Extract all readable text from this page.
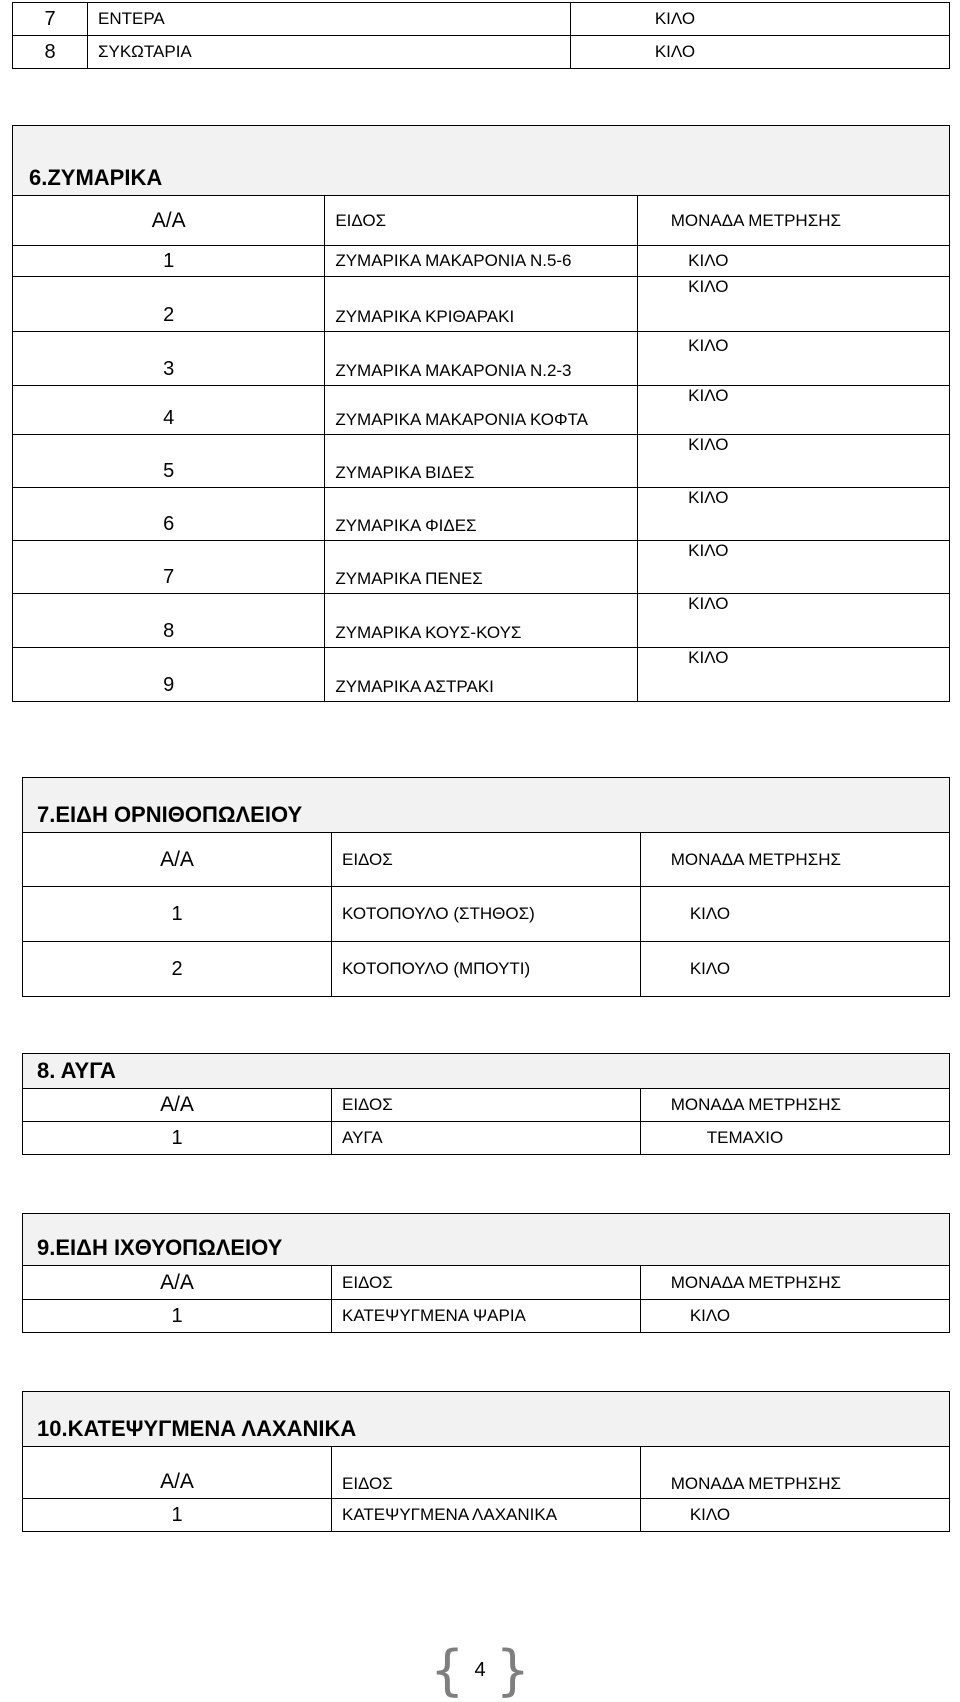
7	ΕΝΤΕΡΑ	ΚΙΛΟ
8	ΣΥΚΩΤΑΡΙΑ	ΚΙΛΟ
6.ΖΥΜΑΡΙΚΑ		
Α/Α	ΕΙΔΟΣ	ΜΟΝΑΔΑ ΜΕΤΡΗΣΗΣ
1	ΖΥΜΑΡΙΚΑ ΜΑΚΑΡΟΝΙΑ Ν.5-6	ΚΙΛΟ
2	ΖΥΜΑΡΙΚΑ ΚΡΙΘΑΡΑΚΙ	ΚΙΛΟ
3	ΖΥΜΑΡΙΚΑ ΜΑΚΑΡΟΝΙΑ Ν.2-3	ΚΙΛΟ
4	ΖΥΜΑΡΙΚΑ ΜΑΚΑΡΟΝΙΑ ΚΟΦΤΑ	ΚΙΛΟ
5	ΖΥΜΑΡΙΚΑ ΒΙΔΕΣ	ΚΙΛΟ
6	ΖΥΜΑΡΙΚΑ ΦΙΔΕΣ	ΚΙΛΟ
7	ΖΥΜΑΡΙΚΑ ΠΕΝΕΣ	ΚΙΛΟ
8	ΖΥΜΑΡΙΚΑ ΚΟΥΣ-ΚΟΥΣ	ΚΙΛΟ
9	ΖΥΜΑΡΙΚΑ ΑΣΤΡΑΚΙ	ΚΙΛΟ
7.ΕΙΔΗ ΟΡΝΙΘΟΠΩΛΕΙΟΥ		
Α/Α	ΕΙΔΟΣ	ΜΟΝΑΔΑ ΜΕΤΡΗΣΗΣ
1	ΚΟΤΟΠΟΥΛΟ (ΣΤΗΘΟΣ)	ΚΙΛΟ
2	ΚΟΤΟΠΟΥΛΟ (ΜΠΟΥΤΙ)	ΚΙΛΟ
8. ΑΥΓΑ		
Α/Α	ΕΙΔΟΣ	ΜΟΝΑΔΑ ΜΕΤΡΗΣΗΣ
1	ΑΥΓΑ	ΤΕΜΑΧΙΟ
9.ΕΙΔΗ ΙΧΘΥΟΠΩΛΕΙΟΥ		
Α/Α	ΕΙΔΟΣ	ΜΟΝΑΔΑ ΜΕΤΡΗΣΗΣ
1	ΚΑΤΕΨΥΓΜΕΝΑ ΨΑΡΙΑ	ΚΙΛΟ
10.ΚΑΤΕΨΥΓΜΕΝΑ ΛΑΧΑΝΙΚΑ		
Α/Α	ΕΙΔΟΣ	ΜΟΝΑΔΑ ΜΕΤΡΗΣΗΣ
1	ΚΑΤΕΨΥΓΜΕΝΑ ΛΑΧΑΝΙΚΑ	ΚΙΛΟ
{ 4 }
